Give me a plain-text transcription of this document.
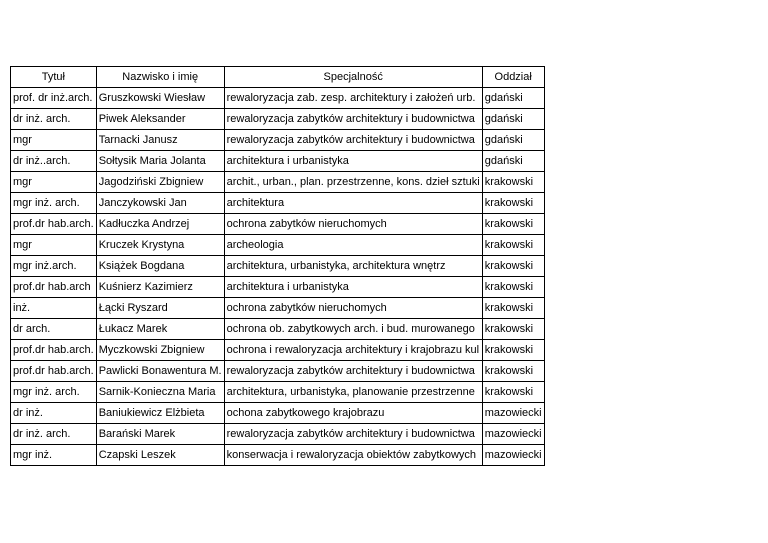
Tytuł	Nazwisko i imię	Specjalność	Oddział
prof. dr inż.arch.	Gruszkowski Wiesław	rewaloryzacja zab. zesp. architektury i założeń urb.	gdański
dr inż. arch.	Piwek Aleksander	rewaloryzacja zabytków architektury i budownictwa	gdański
mgr	Tarnacki Janusz	rewaloryzacja zabytków architektury i budownictwa	gdański
dr inż..arch.	Sołtysik Maria Jolanta	architektura i urbanistyka	gdański
mgr	Jagodziński Zbigniew	archit., urban., plan. przestrzenne, kons. dzieł sztuki	krakowski
mgr inż. arch.	Janczykowski Jan	architektura	krakowski
prof.dr hab.arch.	Kadłuczka Andrzej	ochrona zabytków nieruchomych	krakowski
mgr	Kruczek Krystyna	archeologia	krakowski
mgr inż.arch.	Książek Bogdana	architektura, urbanistyka, architektura wnętrz	krakowski
prof.dr hab.arch	Kuśnierz Kazimierz	architektura i urbanistyka	krakowski
inż.	Łącki Ryszard	ochrona zabytków nieruchomych	krakowski
dr arch.	Łukacz Marek	ochrona ob. zabytkowych arch. i bud. murowanego	krakowski
prof.dr hab.arch.	Myczkowski Zbigniew	ochrona i rewaloryzacja architektury i krajobrazu kul	krakowski
prof.dr hab.arch.	Pawlicki Bonawentura M.	rewaloryzacja zabytków architektury i budownictwa	krakowski
mgr inż. arch.	Sarnik-Konieczna Maria	architektura, urbanistyka, planowanie przestrzenne	krakowski
dr inż.	Baniukiewicz Elżbieta	ochona zabytkowego krajobrazu	mazowiecki
dr inż. arch.	Barański Marek	rewaloryzacja zabytków architektury i budownictwa	mazowiecki
mgr inż.	Czapski Leszek	konserwacja i rewaloryzacja obiektów zabytkowych	mazowiecki
